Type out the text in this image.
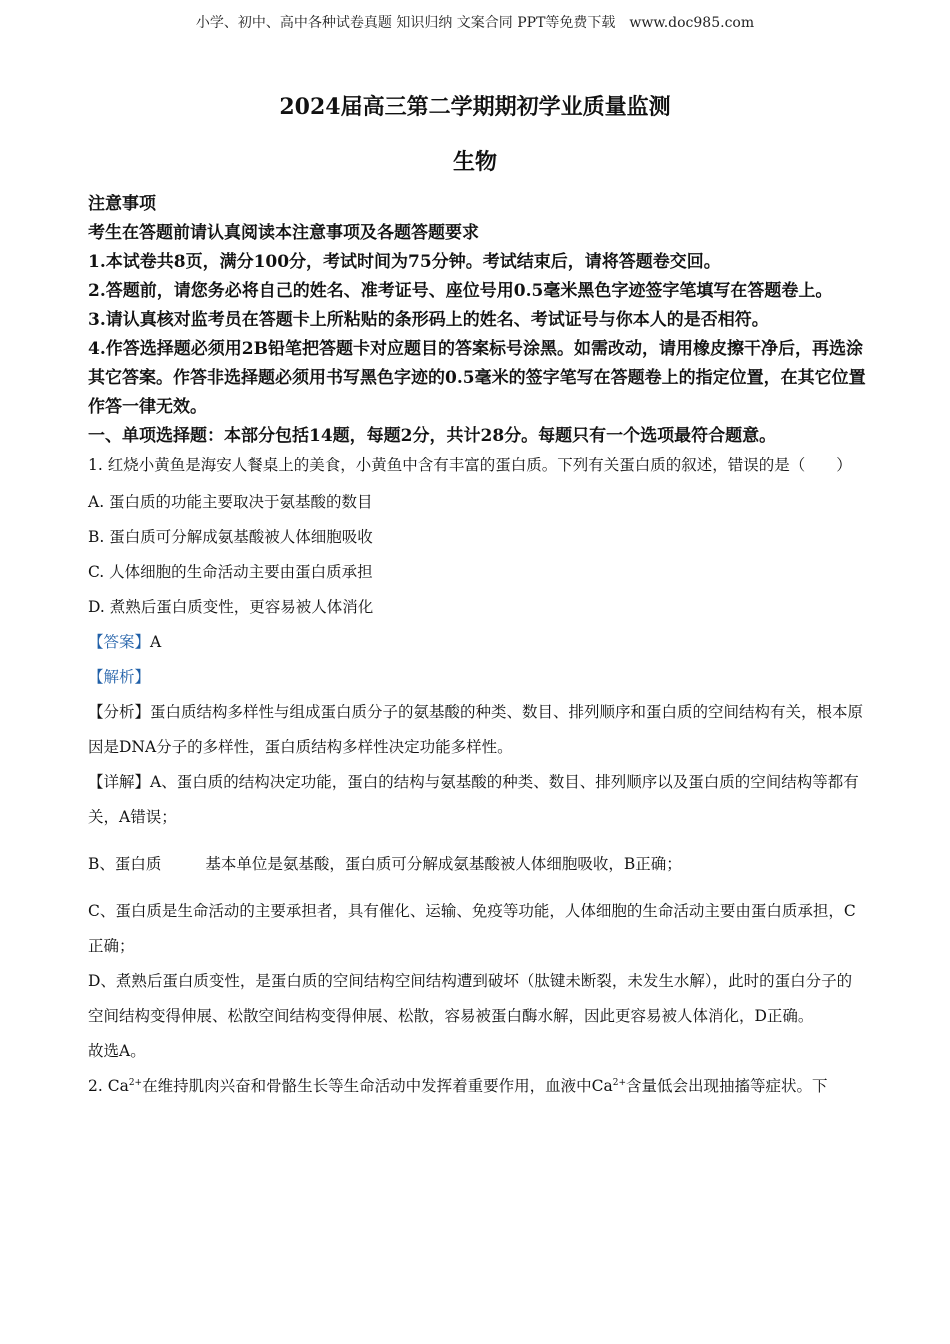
小学、初中、高中各种试卷真题 知识归纳 文案合同 PPT等免费下载 www.doc985.com
2024届高三第二学期期初学业质量监测
生物

注意事项

考生在答题前请认真阅读本注意事项及各题答题要求

1.本试卷共8页，满分100分，考试时间为75分钟。考试结束后，请将答题卷交回。

2.答题前，请您务必将自己的姓名、准考证号、座位号用0.5毫米黑色字迹签字笔填写在答题卷上。

3.请认真核对监考员在答题卡上所粘贴的条形码上的姓名、考试证号与你本人的是否相符。

4.作答选择题必须用2B铅笔把答题卡对应题目的答案标号涂黑。如需改动，请用橡皮擦干净后，再选涂其它答案。作答非选择题必须用书写黑色字迹的0.5毫米的签字笔写在答题卷上的指定位置，在其它位置作答一律无效。

一、单项选择题：本部分包括14题，每题2分，共计28分。每题只有一个选项最符合题意。

1. 红烧小黄鱼是海安人餐桌上的美食，小黄鱼中含有丰富的蛋白质。下列有关蛋白质的叙述，错误的是（　　）

A. 蛋白质的功能主要取决于氨基酸的数目

B. 蛋白质可分解成氨基酸被人体细胞吸收

C. 人体细胞的生命活动主要由蛋白质承担

D. 煮熟后蛋白质变性，更容易被人体消化

【答案】A

【解析】

【分析】蛋白质结构多样性与组成蛋白质分子的氨基酸的种类、数目、排列顺序和蛋白质的空间结构有关，根本原因是DNA分子的多样性，蛋白质结构多样性决定功能多样性。

【详解】A、蛋白质的结构决定功能，蛋白的结构与氨基酸的种类、数目、排列顺序以及蛋白质的空间结构等都有关，A错误；

B、蛋白质	基本单位是氨基酸，蛋白质可分解成氨基酸被人体细胞吸收，B正确；

C、蛋白质是生命活动的主要承担者，具有催化、运输、免疫等功能，人体细胞的生命活动主要由蛋白质承担，C正确；

D、煮熟后蛋白质变性，是蛋白质的空间结构空间结构遭到破坏（肽键未断裂，未发生水解），此时的蛋白分子的 空间结构变得伸展、松散空间结构变得伸展、松散，容易被蛋白酶水解，因此更容易被人体消化，D正确。

故选A。

2. $Ca^{2+}$在维持肌肉兴奋和骨骼生长等生命活动中发挥着重要作用，血液中$Ca^{2+}$含量低会出现抽搐等症状。下
